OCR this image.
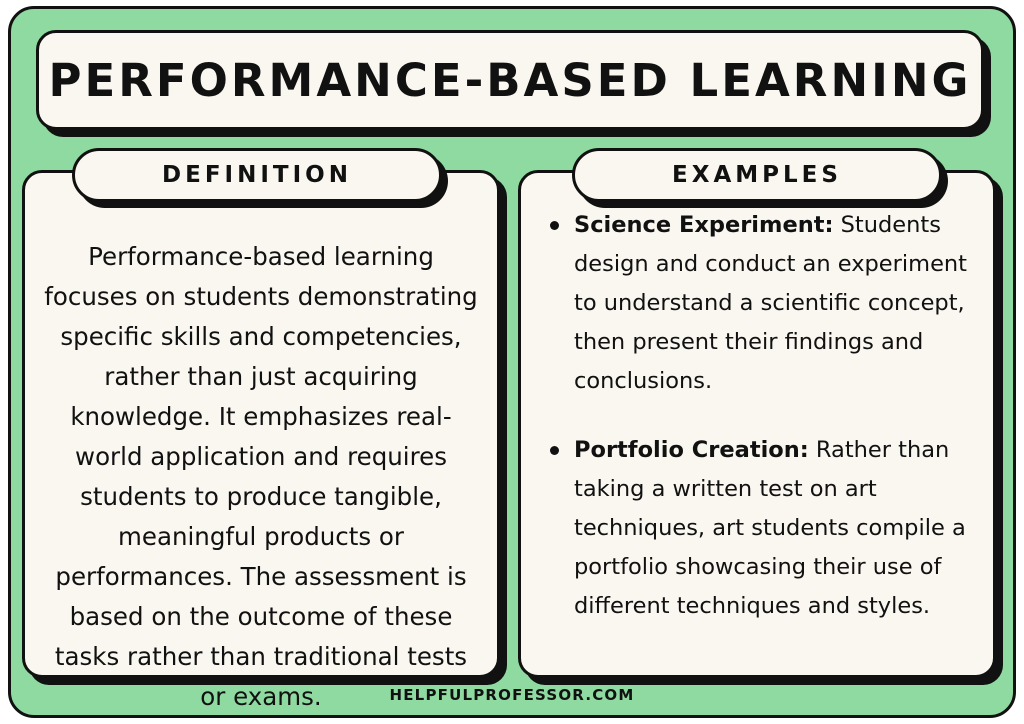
PERFORMANCE-BASED LEARNING
DEFINITION	EXAMPLES

Performance-based learning focuses on students demonstrating specific skills and competencies, rather than just acquiring knowledge. It emphasizes real-world application and requires students to produce tangible, meaningful products or performances. The assessment is based on the outcome of these tasks rather than traditional tests or exams.

Science Experiment: Students design and conduct an experiment to understand a scientific concept, then present their findings and conclusions.
Portfolio Creation: Rather than taking a written test on art techniques, art students compile a portfolio showcasing their use of different techniques and styles.
HELPFULPROFESSOR.COM
